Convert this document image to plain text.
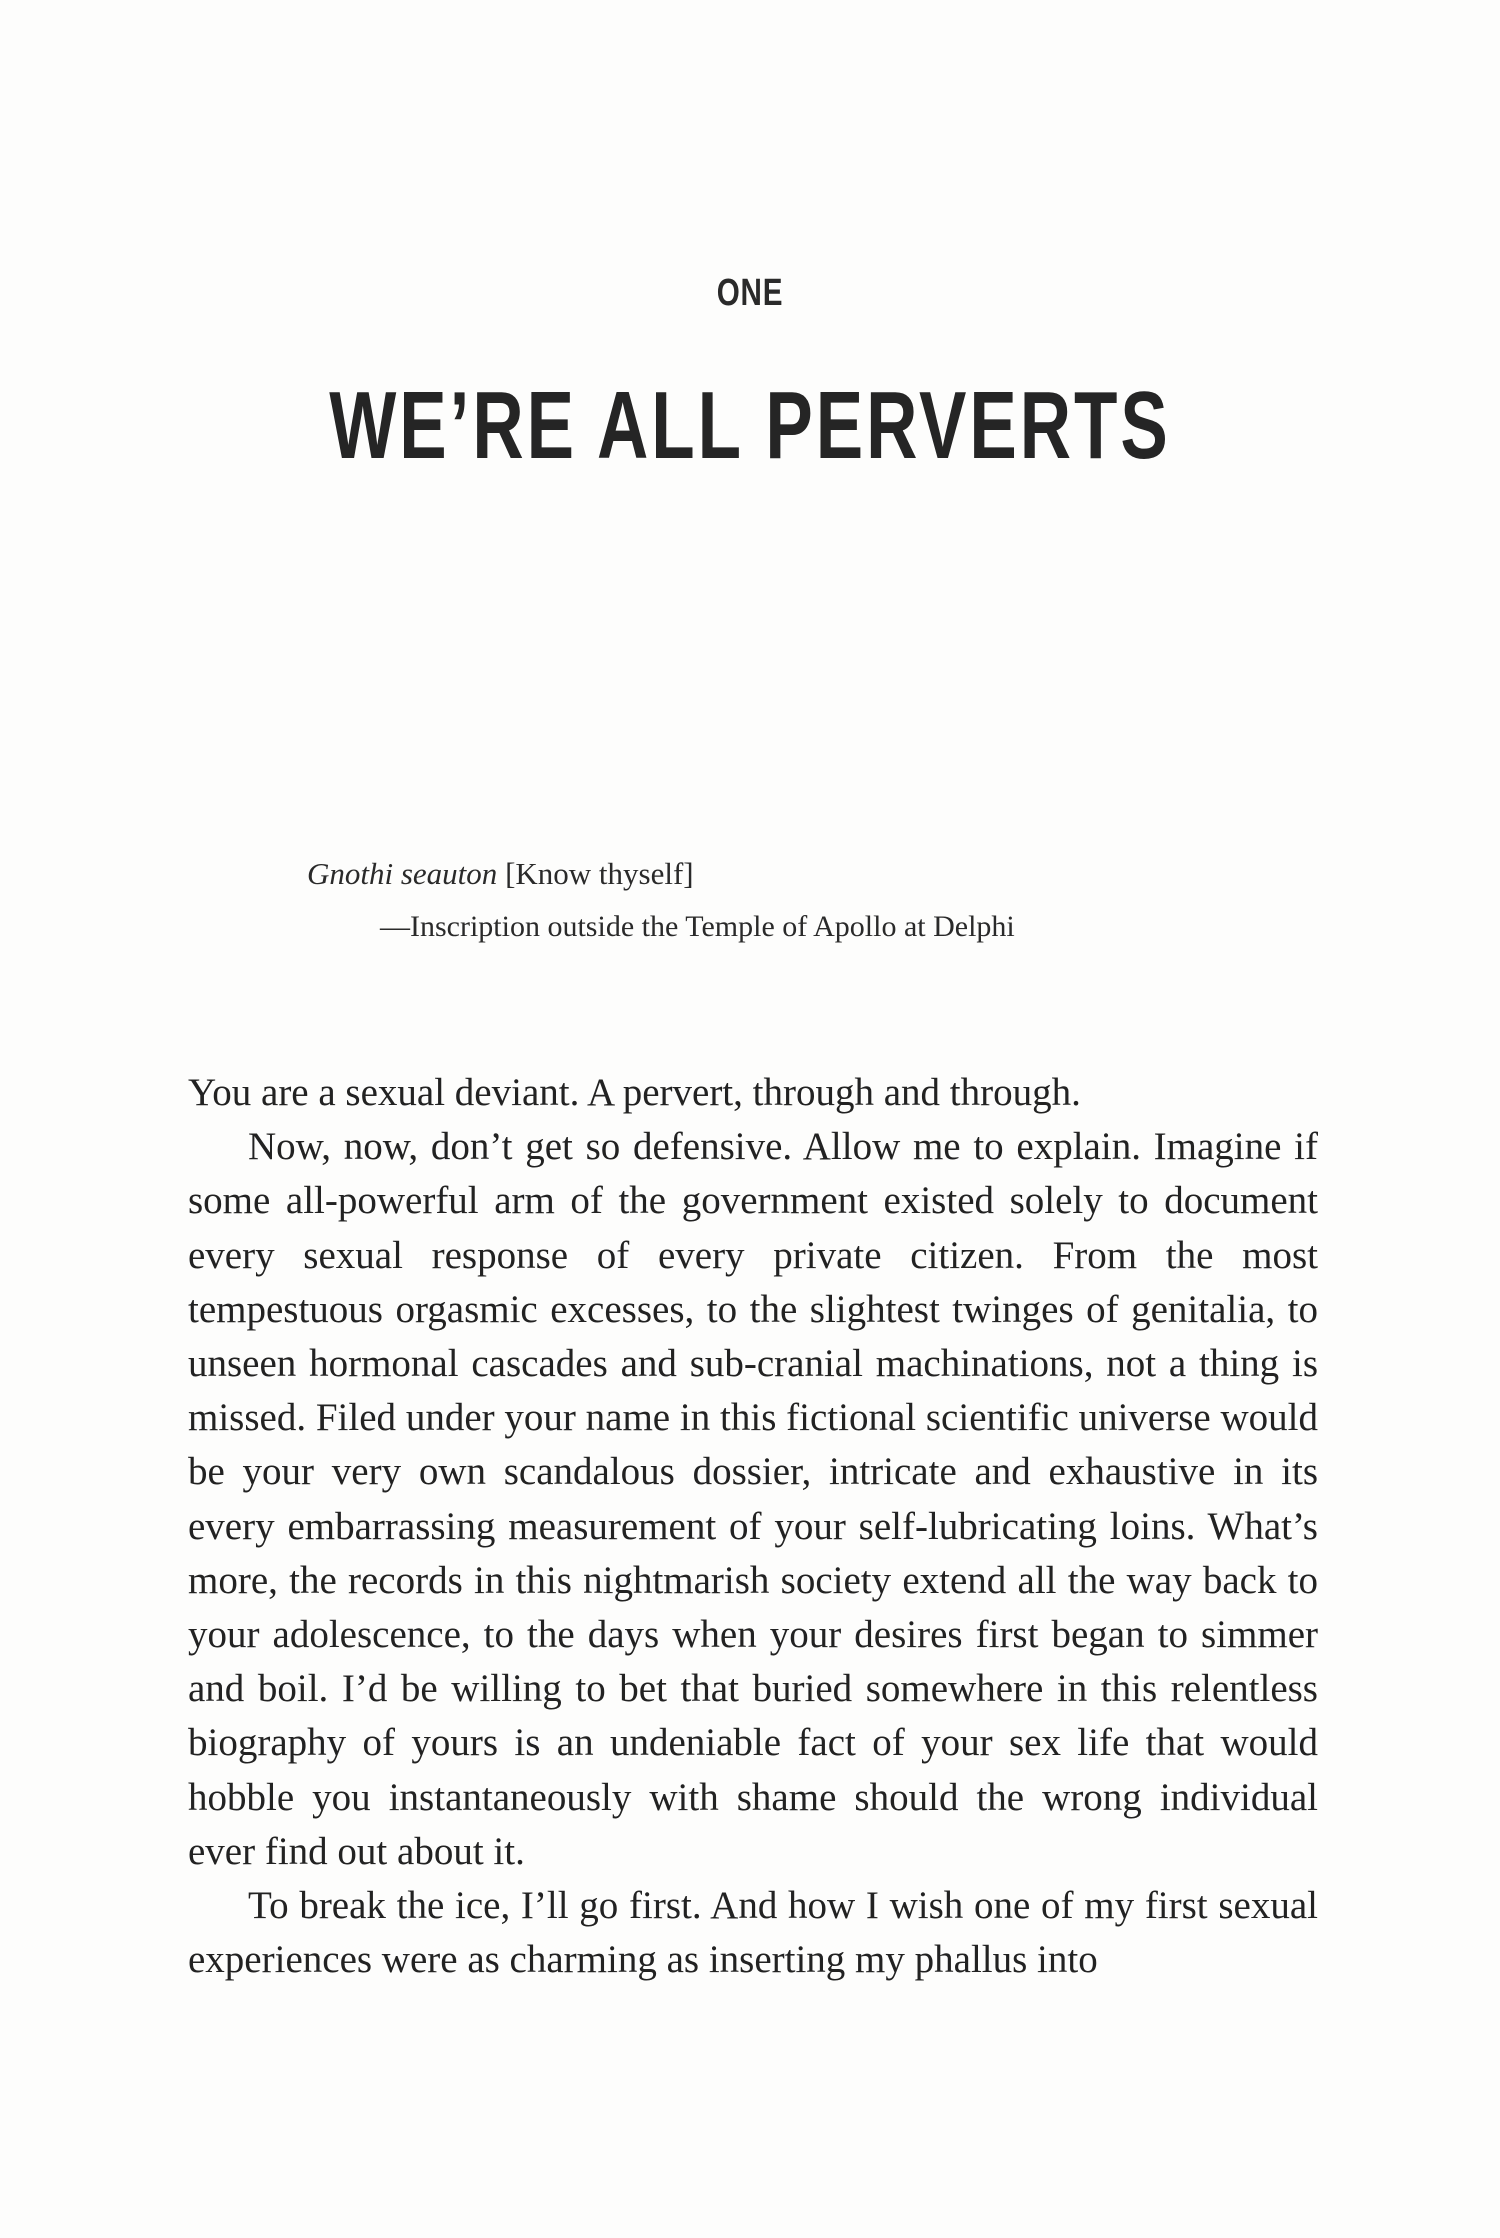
ONE
WE’RE ALL PERVERTS
Gnothi seauton [Know thyself]
—Inscription outside the Temple of Apollo at Delphi

You are a sexual deviant. A pervert, through and through.

Now, now, don’t get so defensive. Allow me to explain. Imagine if some all-powerful arm of the government existed solely to document every sexual response of every private citizen. From the most tempestuous orgasmic excesses, to the slightest twinges of genitalia, to unseen hormonal cascades and sub-cranial machinations, not a thing is missed. Filed under your name in this fictional scientific universe would be your very own scandalous dossier, intricate and exhaustive in its every embarrassing measurement of your self-lubricating loins. What’s more, the records in this nightmarish society extend all the way back to your adolescence, to the days when your desires first began to simmer and boil. I’d be willing to bet that buried somewhere in this relentless biography of yours is an undeniable fact of your sex life that would hobble you instantaneously with shame should the wrong individual ever find out about it.

To break the ice, I’ll go first. And how I wish one of my first sexual experiences were as charming as inserting my phallus into
